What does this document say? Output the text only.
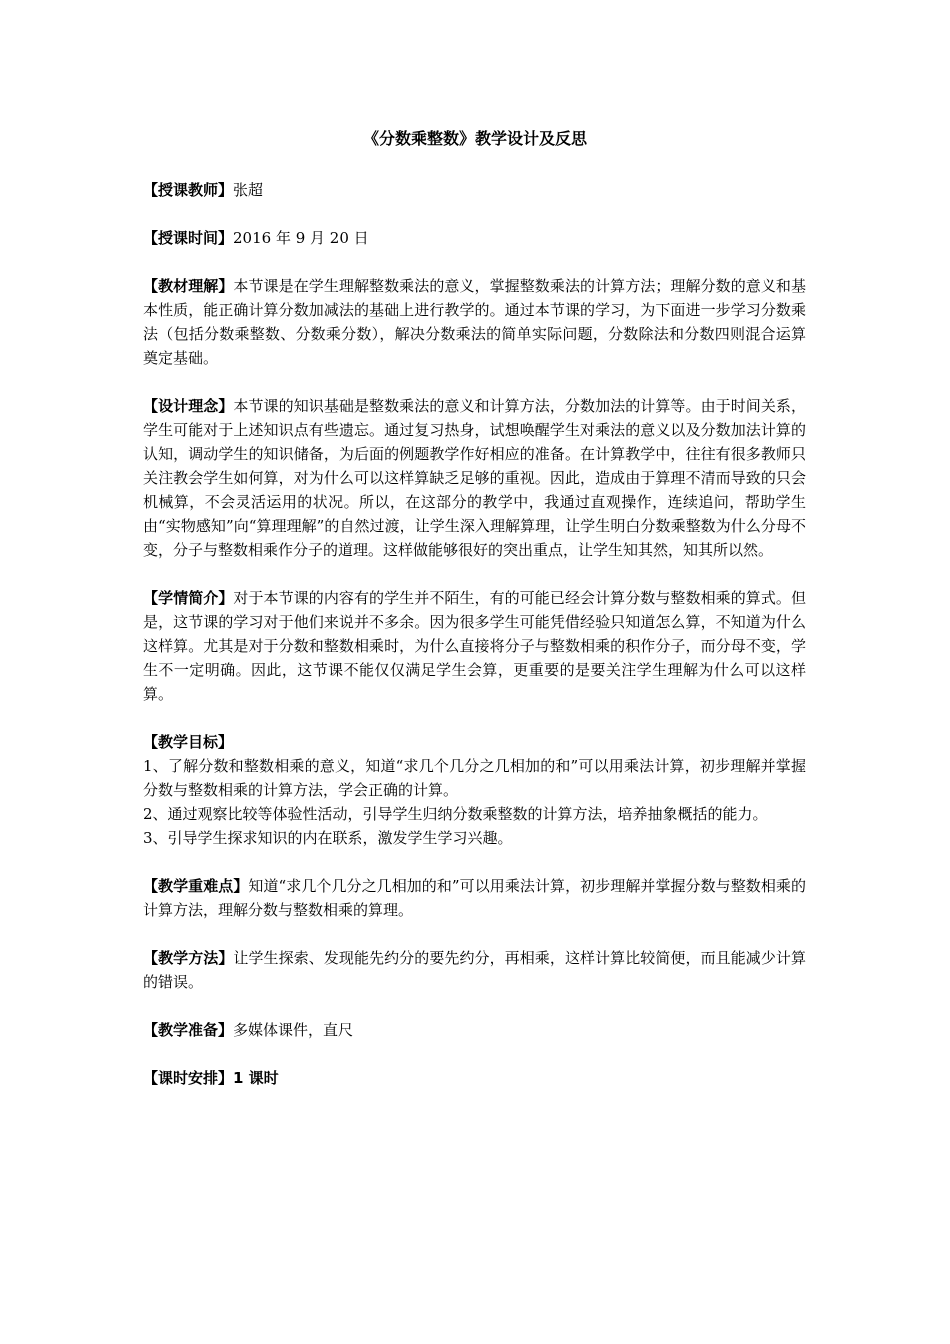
《分数乘整数》教学设计及反思

【授课教师】张超

【授课时间】2016 年 9 月 20 日

【教材理解】本节课是在学生理解整数乘法的意义，掌握整数乘法的计算方法；理解分数的意义和基本性质，能正确计算分数加减法的基础上进行教学的。通过本节课的学习，为下面进一步学习分数乘法（包括分数乘整数、分数乘分数），解决分数乘法的简单实际问题，分数除法和分数四则混合运算奠定基础。

【设计理念】本节课的知识基础是整数乘法的意义和计算方法，分数加法的计算等。由于时间关系，学生可能对于上述知识点有些遗忘。通过复习热身，试想唤醒学生对乘法的意义以及分数加法计算的认知，调动学生的知识储备，为后面的例题教学作好相应的准备。在计算教学中，往往有很多教师只关注教会学生如何算，对为什么可以这样算缺乏足够的重视。因此，造成由于算理不清而导致的只会机械算，不会灵活运用的状况。所以，在这部分的教学中，我通过直观操作，连续追问，帮助学生由“实物感知”向“算理理解”的自然过渡，让学生深入理解算理，让学生明白分数乘整数为什么分母不变，分子与整数相乘作分子的道理。这样做能够很好的突出重点，让学生知其然，知其所以然。

【学情简介】对于本节课的内容有的学生并不陌生，有的可能已经会计算分数与整数相乘的算式。但是，这节课的学习对于他们来说并不多余。因为很多学生可能凭借经验只知道怎么算，不知道为什么这样算。尤其是对于分数和整数相乘时，为什么直接将分子与整数相乘的积作分子，而分母不变，学生不一定明确。因此，这节课不能仅仅满足学生会算，更重要的是要关注学生理解为什么可以这样算。

【教学目标】
1、了解分数和整数相乘的意义，知道“求几个几分之几相加的和”可以用乘法计算，初步理解并掌握分数与整数相乘的计算方法，学会正确的计算。
2、通过观察比较等体验性活动，引导学生归纳分数乘整数的计算方法，培养抽象概括的能力。
3、引导学生探求知识的内在联系，激发学生学习兴趣。

【教学重难点】知道“求几个几分之几相加的和”可以用乘法计算，初步理解并掌握分数与整数相乘的计算方法，理解分数与整数相乘的算理。

【教学方法】让学生探索、发现能先约分的要先约分，再相乘，这样计算比较简便，而且能减少计算的错误。

【教学准备】多媒体课件，直尺

【课时安排】1 课时
